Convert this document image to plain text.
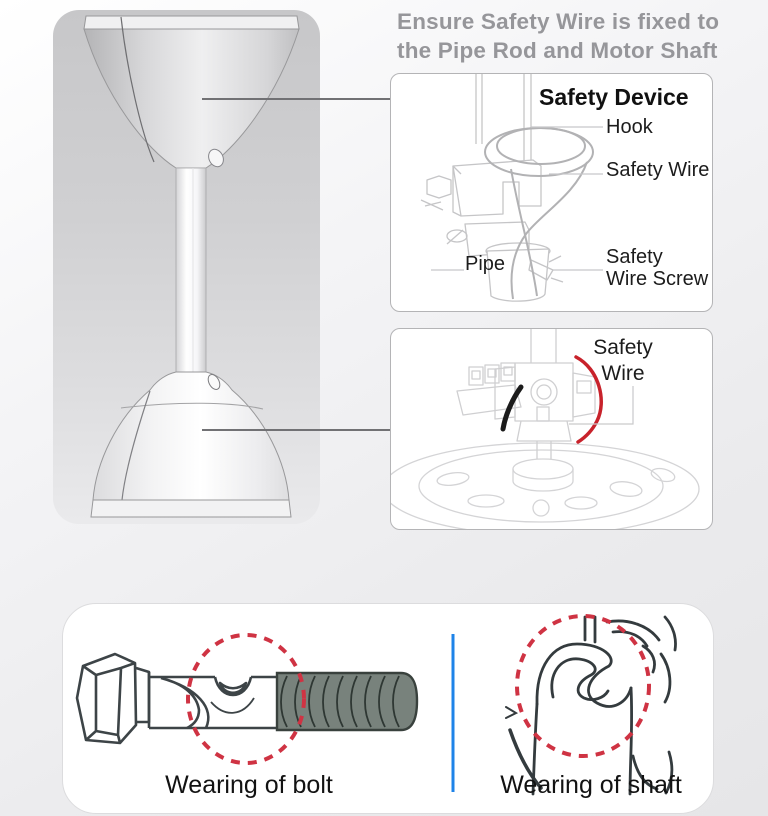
Ensure Safety Wire is fixed to
the Pipe Rod and Motor Shaft
Safety Device
Hook
Safety Wire
Pipe	Safety
Wire Screw
Safety
Wire
Wearing of bolt	Wearing of shaft
